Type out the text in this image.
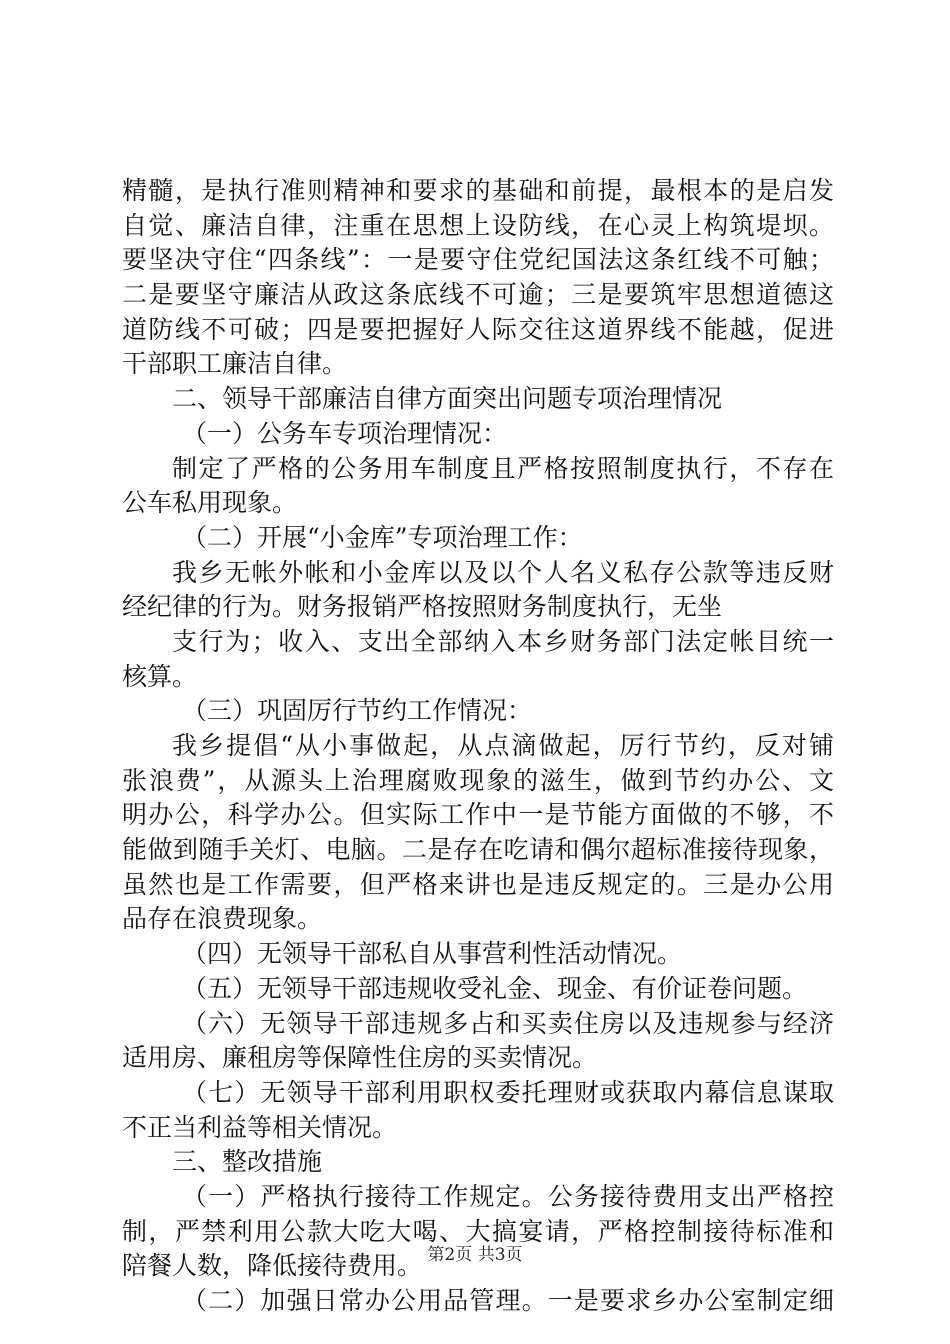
精髓，是执行准则精神和要求的基础和前提，最根本的是启发
自觉、廉洁自律，注重在思想上设防线，在心灵上构筑堤坝。
要坚决守住“四条线”：一是要守住党纪国法这条红线不可触；
二是要坚守廉洁从政这条底线不可逾；三是要筑牢思想道德这
道防线不可破；四是要把握好人际交往这道界线不能越，促进
干部职工廉洁自律。
二、领导干部廉洁自律方面突出问题专项治理情况
（一）公务车专项治理情况：
制定了严格的公务用车制度且严格按照制度执行，不存在
公车私用现象。
（二）开展“小金库”专项治理工作：
我乡无帐外帐和小金库以及以个人名义私存公款等违反财
经纪律的行为。财务报销严格按照财务制度执行，无坐
支行为；收入、支出全部纳入本乡财务部门法定帐目统一
核算。
（三）巩固厉行节约工作情况：
我乡提倡“从小事做起，从点滴做起，厉行节约，反对铺
张浪费”，从源头上治理腐败现象的滋生，做到节约办公、文
明办公，科学办公。但实际工作中一是节能方面做的不够，不
能做到随手关灯、电脑。二是存在吃请和偶尔超标准接待现象，
虽然也是工作需要，但严格来讲也是违反规定的。三是办公用
品存在浪费现象。
（四）无领导干部私自从事营利性活动情况。
（五）无领导干部违规收受礼金、现金、有价证卷问题。
（六）无领导干部违规多占和买卖住房以及违规参与经济
适用房、廉租房等保障性住房的买卖情况。
（七）无领导干部利用职权委托理财或获取内幕信息谋取
不正当利益等相关情况。
三、整改措施
（一）严格执行接待工作规定。公务接待费用支出严格控
制，严禁利用公款大吃大喝、大搞宴请，严格控制接待标准和
陪餐人数，降低接待费用。
（二）加强日常办公用品管理。一是要求乡办公室制定细
第2页 共3页
